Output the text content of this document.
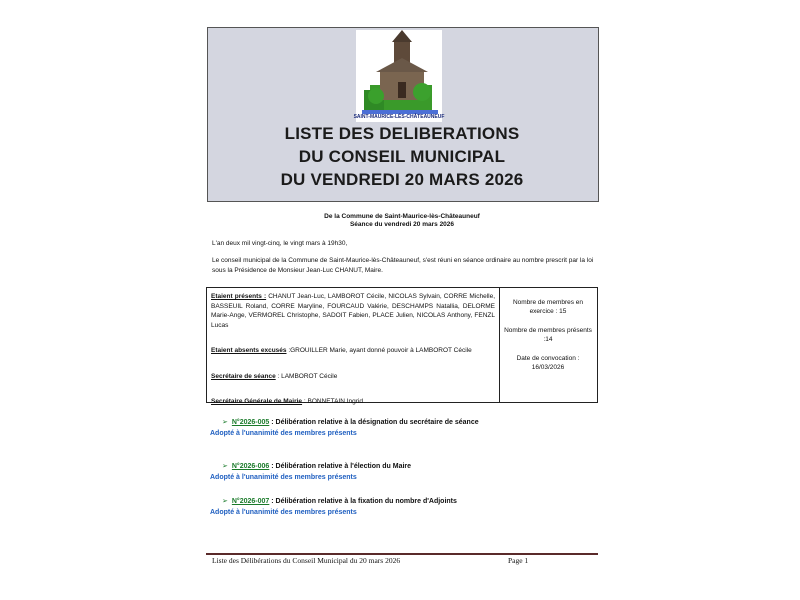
SAINT-MAURICE-LÈS-CHÂTEAUNEUF
LISTE DES DELIBERATIONS
DU CONSEIL MUNICIPAL
DU VENDREDI 20 MARS 2026
De la Commune de Saint-Maurice-lès-Châteauneuf
Séance du vendredi 20 mars 2026
L'an deux mil vingt-cinq, le vingt mars à 19h30,
Le conseil municipal de la Commune de Saint-Maurice-lès-Châteauneuf, s'est réuni en séance ordinaire au nombre prescrit par la loi sous la Présidence de Monsieur Jean-Luc CHANUT, Maire.
Etaient présents : CHANUT Jean-Luc, LAMBOROT Cécile, NICOLAS Sylvain, CORRE Michelle, BASSEUIL Roland, CORRE Maryline, FOURCAUD Valérie, DESCHAMPS Natallia, DELORME Marie-Ange, VERMOREL Christophe, SADOIT Fabien, PLACE Julien, NICOLAS Anthony, FENZL Lucas
Etaient absents excusés :GROUILLER Marie, ayant donné pouvoir à LAMBOROT Cécile
Secrétaire de séance : LAMBOROT Cécile
Secrétaire Générale de Mairie : BONNETAIN Ingrid
Nombre de membres en exercice : 15
Nombre de membres présents :14
Date de convocation :
16/03/2026
➢ N°2026-005 : Délibération relative à la désignation du secrétaire de séance
Adopté à l'unanimité des membres présents
➢ N°2026-006 : Délibération relative à l'élection du Maire
Adopté à l'unanimité des membres présents
➢ N°2026-007 : Délibération relative à la fixation du nombre d'Adjoints
Adopté à l'unanimité des membres présents
Liste des Délibérations du Conseil Municipal du 20 mars 2026	Page 1
